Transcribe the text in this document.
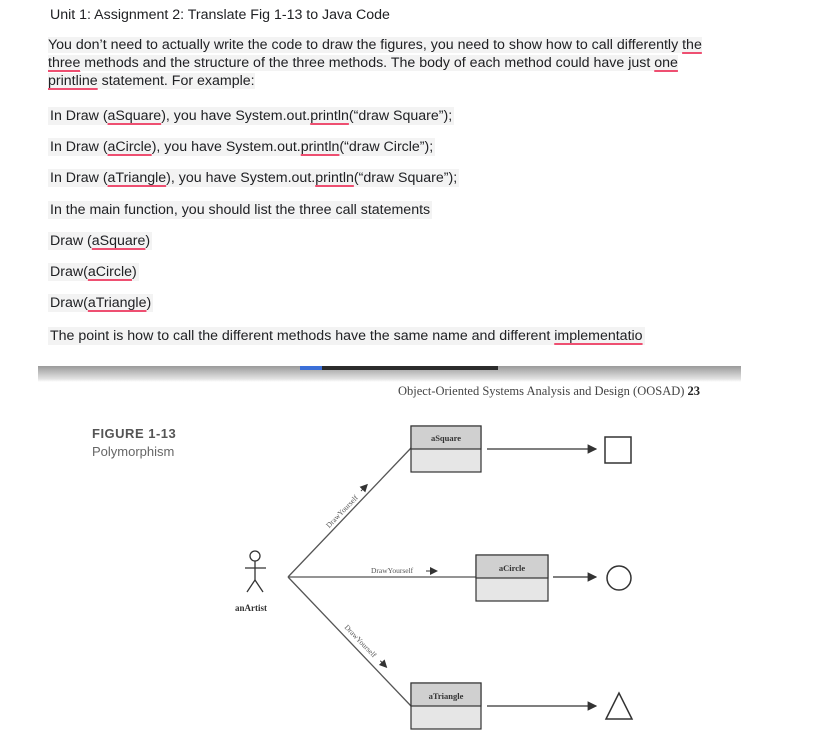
Unit 1: Assignment 2: Translate Fig 1-13 to Java Code
You don’t need to actually write the code to draw the figures, you need to show how to call differently the
three methods and the structure of the three methods. The body of each method could have just one
printline statement. For example:
In Draw (aSquare), you have System.out.println(“draw Square”);
In Draw (aCircle), you have System.out.println(“draw Circle”);
In Draw (aTriangle), you have System.out.println(“draw Square”);
In the main function, you should list the three call statements
Draw (aSquare)
Draw(aCircle)
Draw(aTriangle)
The point is how to call the different methods have the same name and different implementatio
Object-Oriented Systems Analysis and Design (OOSAD) 23
FIGURE 1-13
Polymorphism
anArtist
DrawYourself
DrawYourself
DrawYourself
aSquare
aCircle
aTriangle
